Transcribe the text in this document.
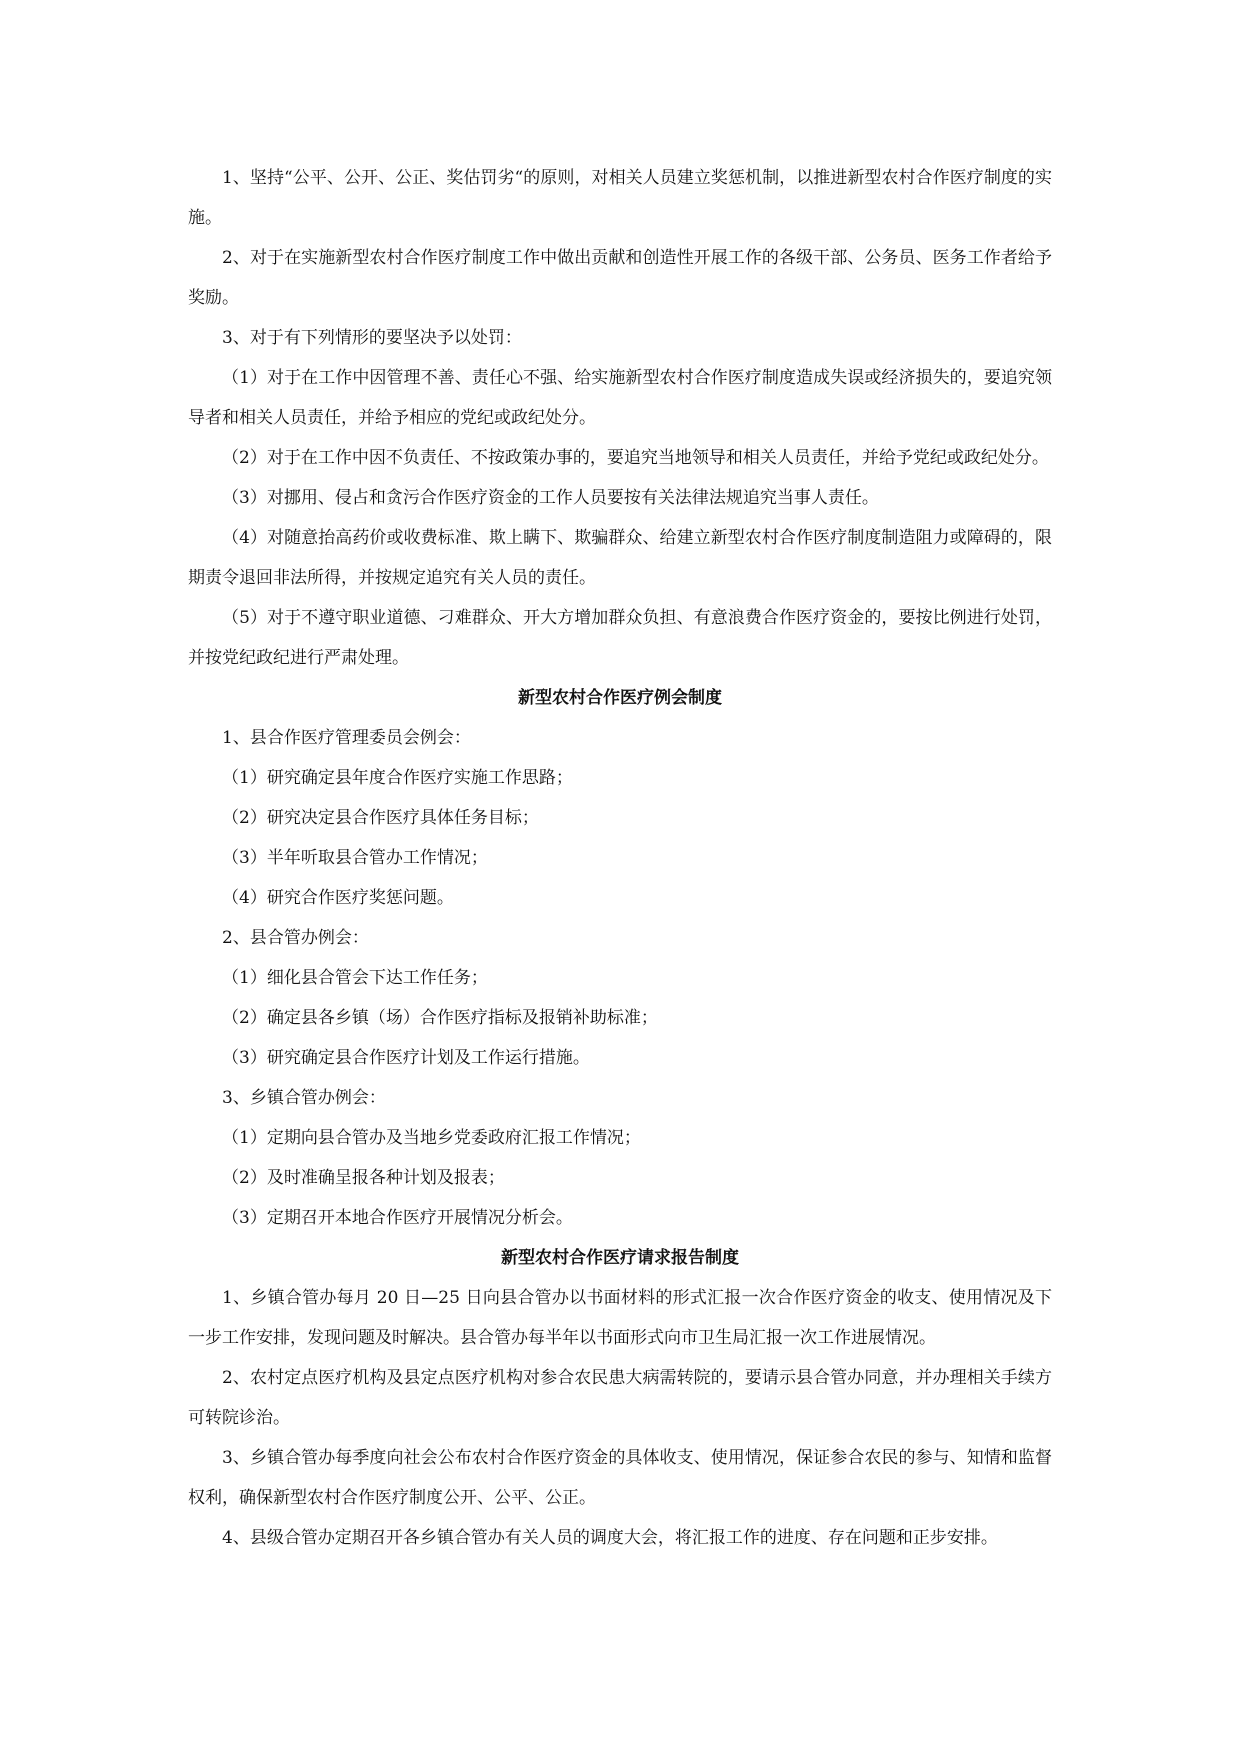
1、坚持“公平、公开、公正、奖估罚劣“的原则，对相关人员建立奖惩机制，以推进新型农村合作医疗制度的实施。

2、对于在实施新型农村合作医疗制度工作中做出贡献和创造性开展工作的各级干部、公务员、医务工作者给予奖励。

3、对于有下列情形的要坚决予以处罚：

（1）对于在工作中因管理不善、责任心不强、给实施新型农村合作医疗制度造成失误或经济损失的，要追究领导者和相关人员责任，并给予相应的党纪或政纪处分。

（2）对于在工作中因不负责任、不按政策办事的，要追究当地领导和相关人员责任，并给予党纪或政纪处分。

（3）对挪用、侵占和贪污合作医疗资金的工作人员要按有关法律法规追究当事人责任。

（4）对随意抬高药价或收费标准、欺上瞒下、欺骗群众、给建立新型农村合作医疗制度制造阻力或障碍的，限期责令退回非法所得，并按规定追究有关人员的责任。

（5）对于不遵守职业道德、刁难群众、开大方增加群众负担、有意浪费合作医疗资金的，要按比例进行处罚，并按党纪政纪进行严肃处理。

新型农村合作医疗例会制度

1、县合作医疗管理委员会例会：

（1）研究确定县年度合作医疗实施工作思路；

（2）研究决定县合作医疗具体任务目标；

（3）半年听取县合管办工作情况；

（4）研究合作医疗奖惩问题。

2、县合管办例会：

（1）细化县合管会下达工作任务；

（2）确定县各乡镇（场）合作医疗指标及报销补助标准；

（3）研究确定县合作医疗计划及工作运行措施。

3、乡镇合管办例会：

（1）定期向县合管办及当地乡党委政府汇报工作情况；

（2）及时准确呈报各种计划及报表；

（3）定期召开本地合作医疗开展情况分析会。

新型农村合作医疗请求报告制度

1、乡镇合管办每月 20 日—25 日向县合管办以书面材料的形式汇报一次合作医疗资金的收支、使用情况及下一步工作安排，发现问题及时解决。县合管办每半年以书面形式向市卫生局汇报一次工作进展情况。

2、农村定点医疗机构及县定点医疗机构对参合农民患大病需转院的，要请示县合管办同意，并办理相关手续方可转院诊治。

3、乡镇合管办每季度向社会公布农村合作医疗资金的具体收支、使用情况，保证参合农民的参与、知情和监督权利，确保新型农村合作医疗制度公开、公平、公正。

4、县级合管办定期召开各乡镇合管办有关人员的调度大会，将汇报工作的进度、存在问题和正步安排。
